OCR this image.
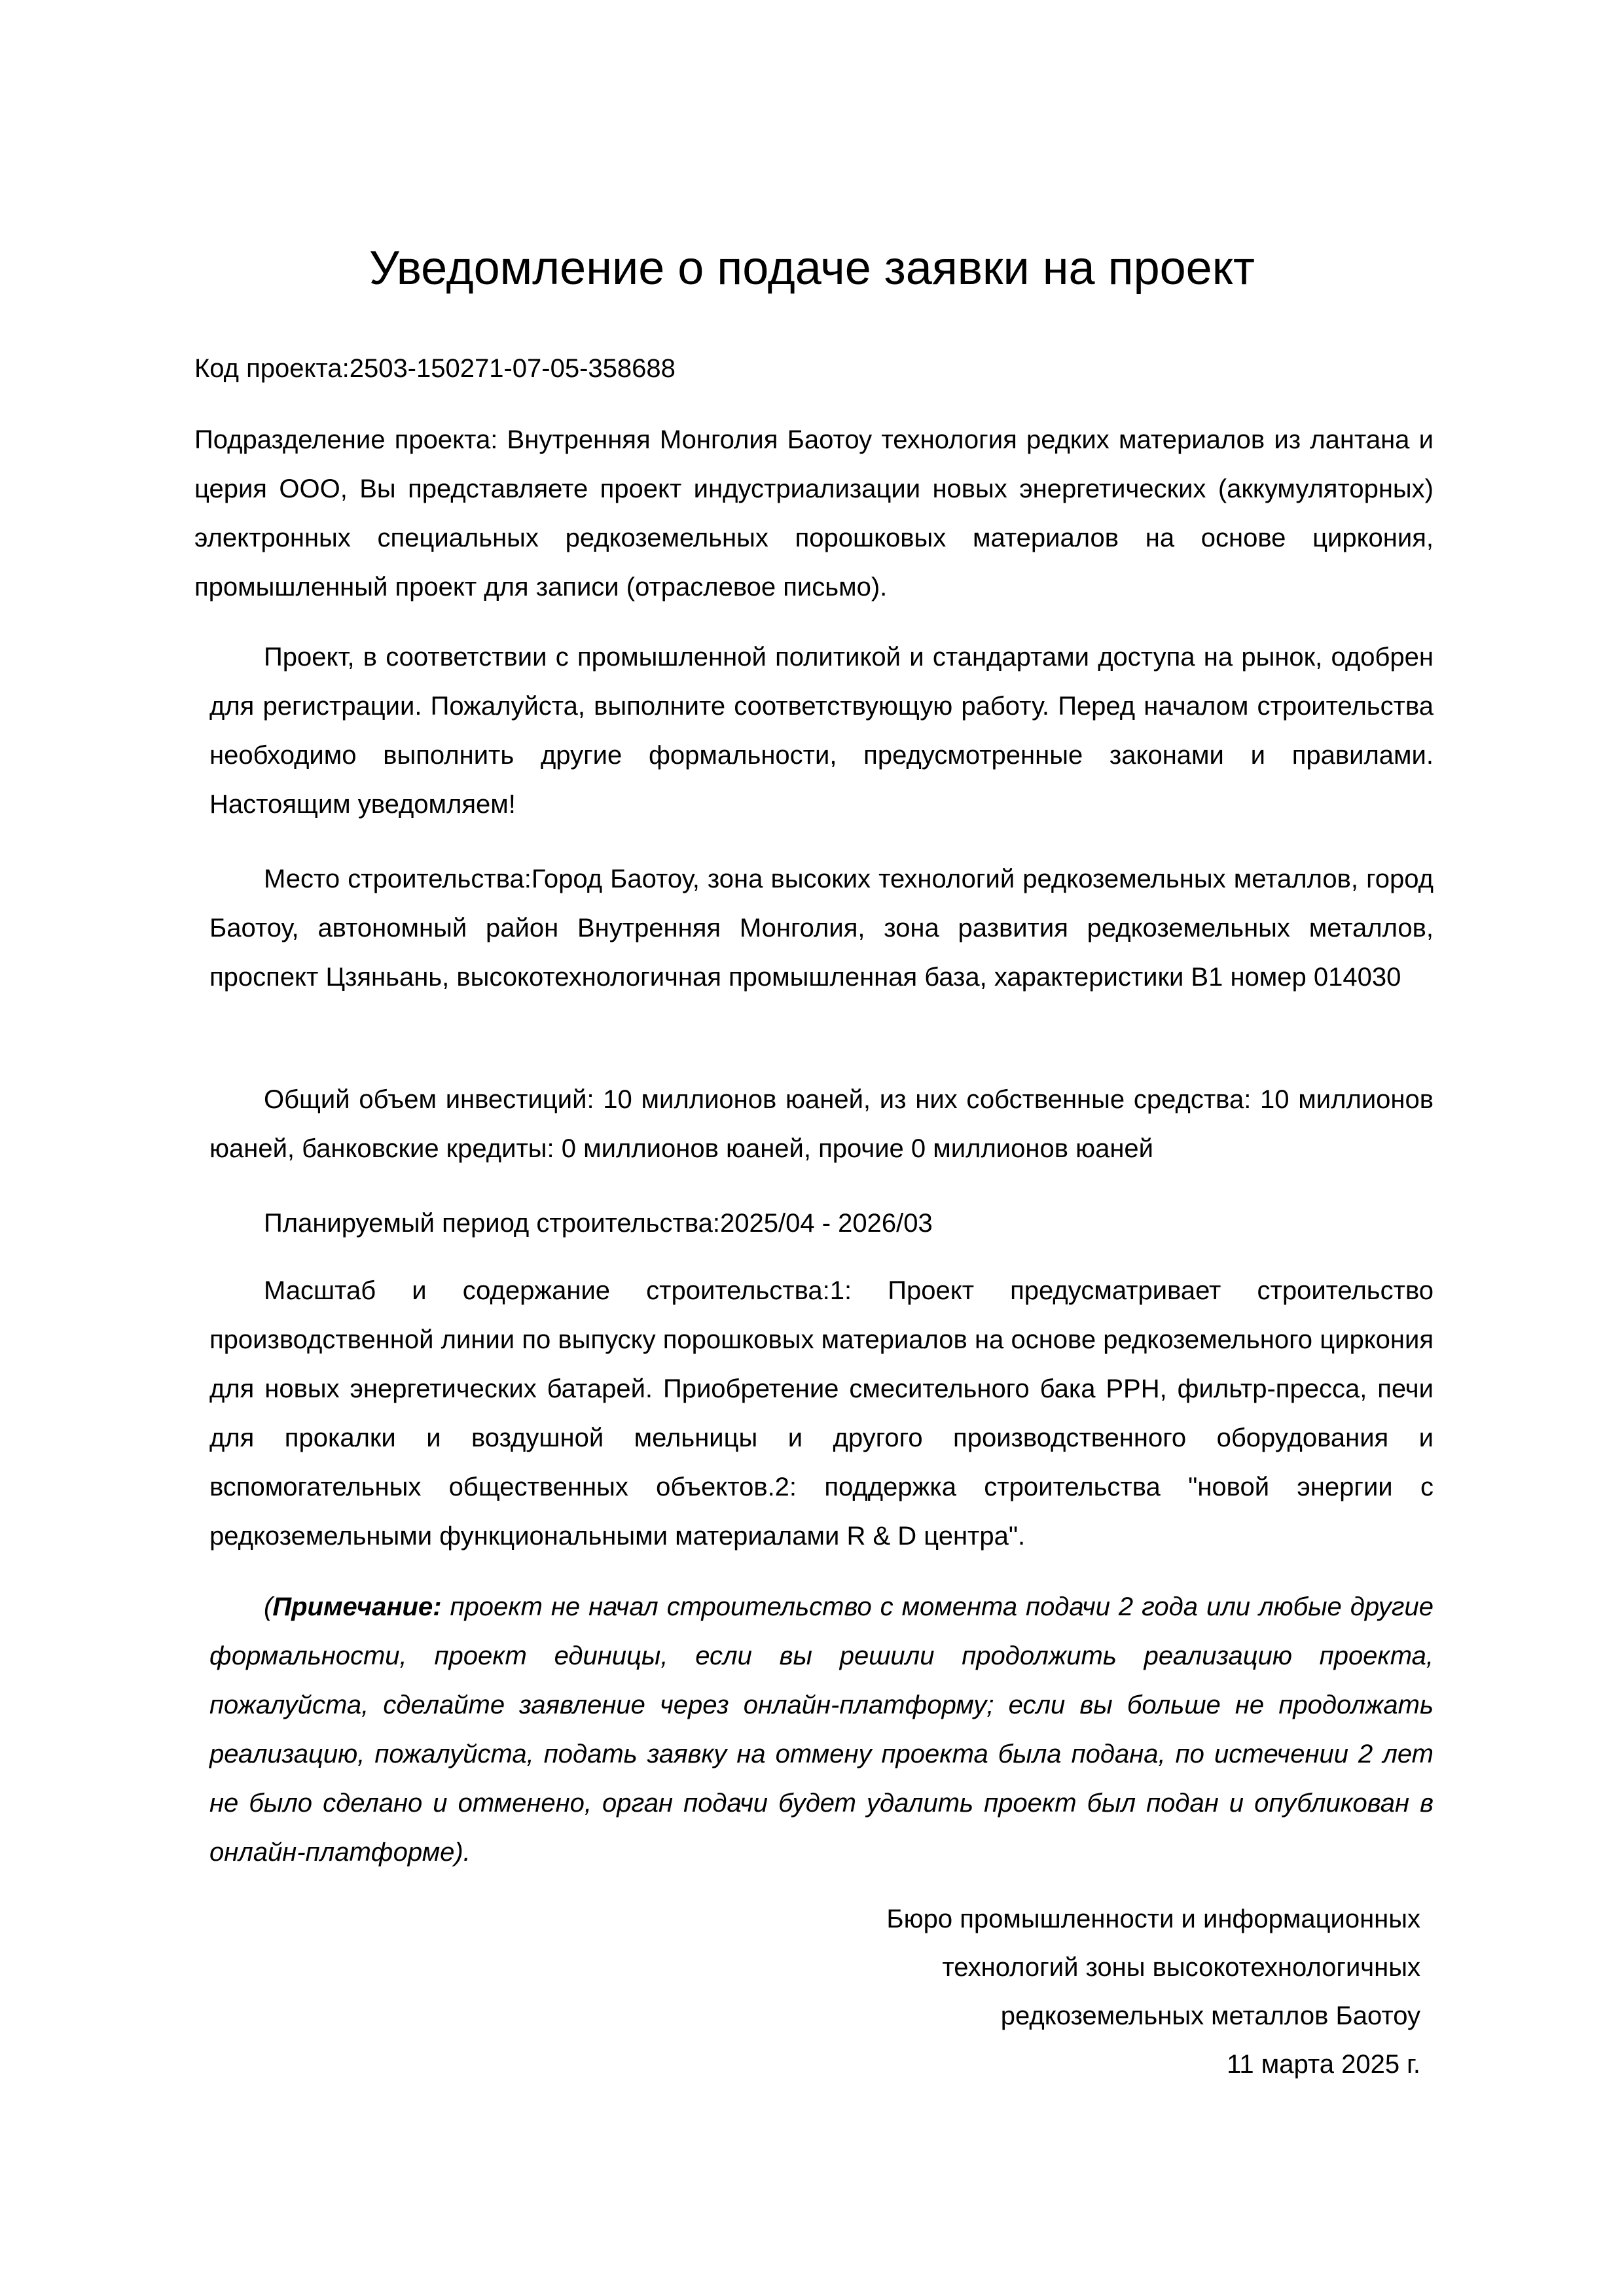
Уведомление о подаче заявки на проект

Код проекта:2503-150271-07-05-358688

Подразделение проекта: Внутренняя Монголия Баотоу технология редких материалов из лантана и церия ООО, Вы представляете проект индустриализации новых энергетических (аккумуляторных) электронных специальных редкоземельных порошковых материалов на основе циркония, промышленный проект для записи (отраслевое письмо).

Проект, в соответствии с промышленной политикой и стандартами доступа на рынок, одобрен для регистрации. Пожалуйста, выполните соответствующую работу. Перед началом строительства необходимо выполнить другие формальности, предусмотренные законами и правилами. Настоящим уведомляем!

Место строительства:Город Баотоу, зона высоких технологий редкоземельных металлов, город Баотоу, автономный район Внутренняя Монголия, зона развития редкоземельных металлов, проспект Цзяньань, высокотехнологичная промышленная база, характеристики B1 номер 014030

Общий объем инвестиций: 10 миллионов юаней, из них собственные средства: 10 миллионов юаней, банковские кредиты: 0 миллионов юаней, прочие 0 миллионов юаней

Планируемый период строительства:2025/04 - 2026/03

Масштаб и содержание строительства:1: Проект предусматривает строительство производственной линии по выпуску порошковых материалов на основе редкоземельного циркония для новых энергетических батарей. Приобретение смесительного бака PPH, фильтр-пресса, печи для прокалки и воздушной мельницы и другого производственного оборудования и вспомогательных общественных объектов.2: поддержка строительства "новой энергии с редкоземельными функциональными материалами R & D центра".

(Примечание: проект не начал строительство с момента подачи 2 года или любые другие формальности, проект единицы, если вы решили продолжить реализацию проекта, пожалуйста, сделайте заявление через онлайн-платформу; если вы больше не продолжать реализацию, пожалуйста, подать заявку на отмену проекта была подана, по истечении 2 лет не было сделано и отменено, орган подачи будет удалить проект был подан и опубликован в онлайн-платформе).

Бюро промышленности и информационных
технологий зоны высокотехнологичных
редкоземельных металлов Баотоу
11 марта 2025 г.
